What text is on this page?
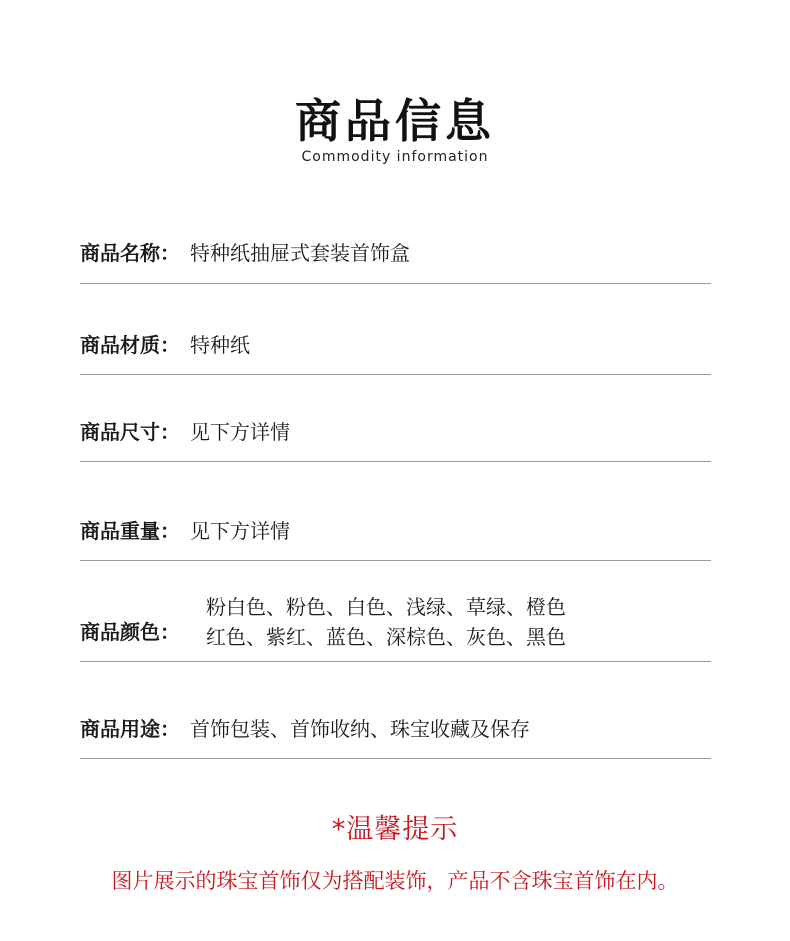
商品信息
Commodity information
商品名称： 特种纸抽屉式套装首饰盒
商品材质： 特种纸
商品尺寸： 见下方详情
商品重量： 见下方详情
商品颜色：
粉白色、粉色、白色、浅绿、草绿、橙色
红色、紫红、蓝色、深棕色、灰色、黑色
商品用途： 首饰包装、首饰收纳、珠宝收藏及保存
*温馨提示
图片展示的珠宝首饰仅为搭配装饰，产品不含珠宝首饰在内。
